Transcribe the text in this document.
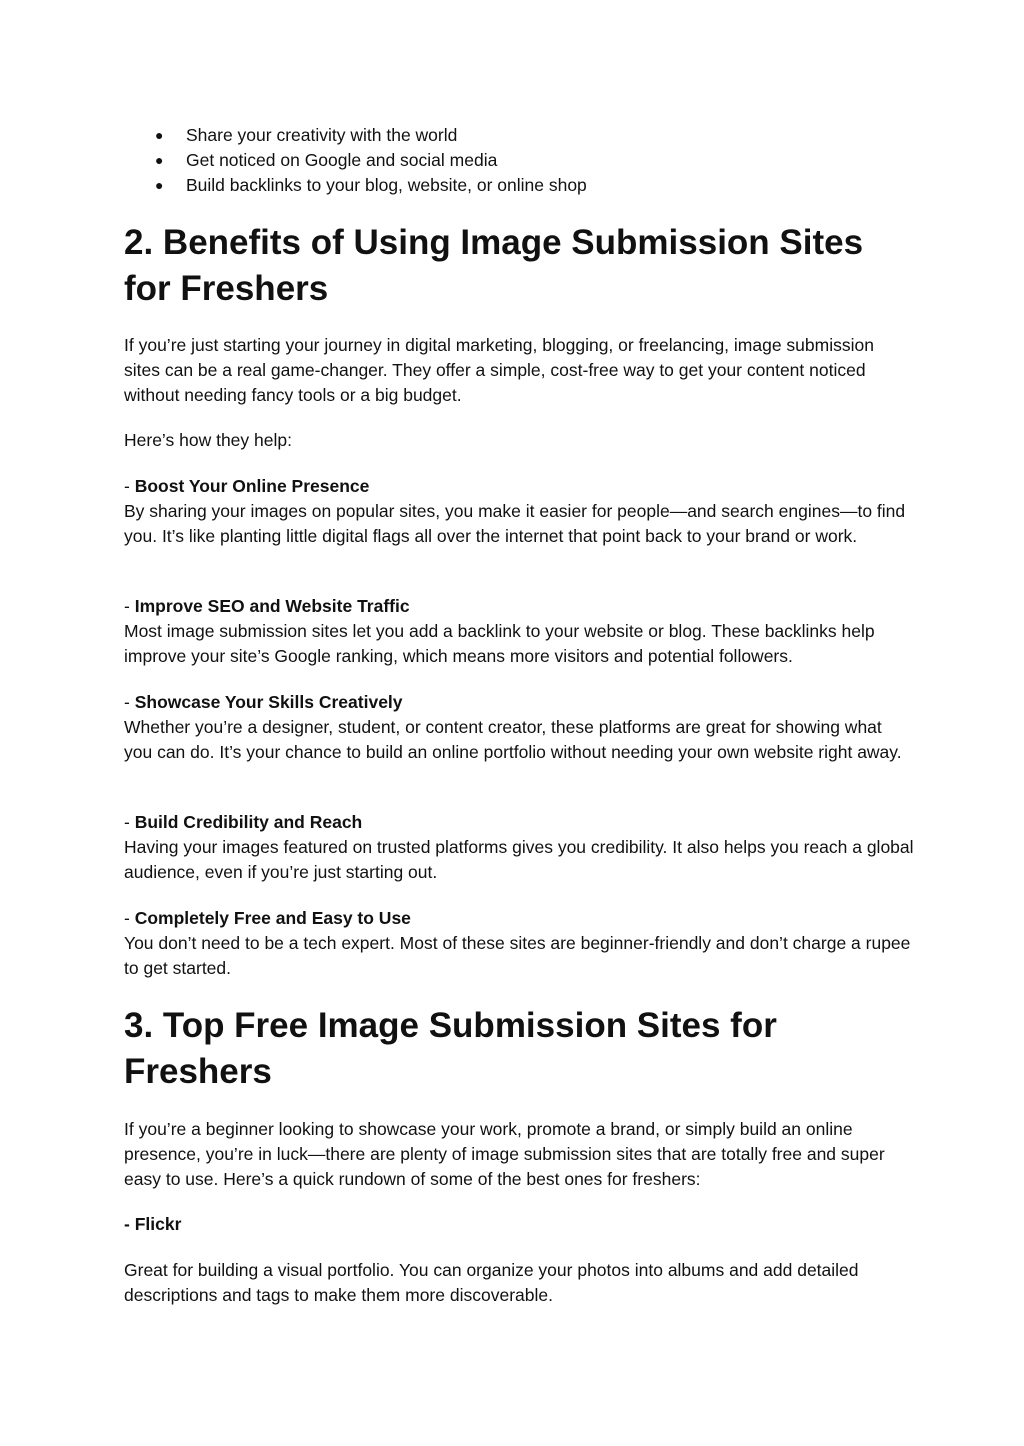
● Share your creativity with the world
● Get noticed on Google and social media
● Build backlinks to your blog, website, or online shop
2. Benefits of Using Image Submission Sites
for Freshers

If you’re just starting your journey in digital marketing, blogging, or freelancing, image submission sites can be a real game-changer. They offer a simple, cost-free way to get your content noticed without needing fancy tools or a big budget.

Here’s how they help:

- Boost Your Online Presence
By sharing your images on popular sites, you make it easier for people—and search engines—to find you. It’s like planting little digital flags all over the internet that point back to your brand or work.

- Improve SEO and Website Traffic
Most image submission sites let you add a backlink to your website or blog. These backlinks help improve your site’s Google ranking, which means more visitors and potential followers.

- Showcase Your Skills Creatively
Whether you’re a designer, student, or content creator, these platforms are great for showing what you can do. It’s your chance to build an online portfolio without needing your own website right away.

- Build Credibility and Reach
Having your images featured on trusted platforms gives you credibility. It also helps you reach a global audience, even if you’re just starting out.

- Completely Free and Easy to Use
You don’t need to be a tech expert. Most of these sites are beginner-friendly and don’t charge a rupee to get started.

3. Top Free Image Submission Sites for
Freshers

If you’re a beginner looking to showcase your work, promote a brand, or simply build an online presence, you’re in luck—there are plenty of image submission sites that are totally free and super easy to use. Here’s a quick rundown of some of the best ones for freshers:

- Flickr

Great for building a visual portfolio. You can organize your photos into albums and add detailed descriptions and tags to make them more discoverable.
